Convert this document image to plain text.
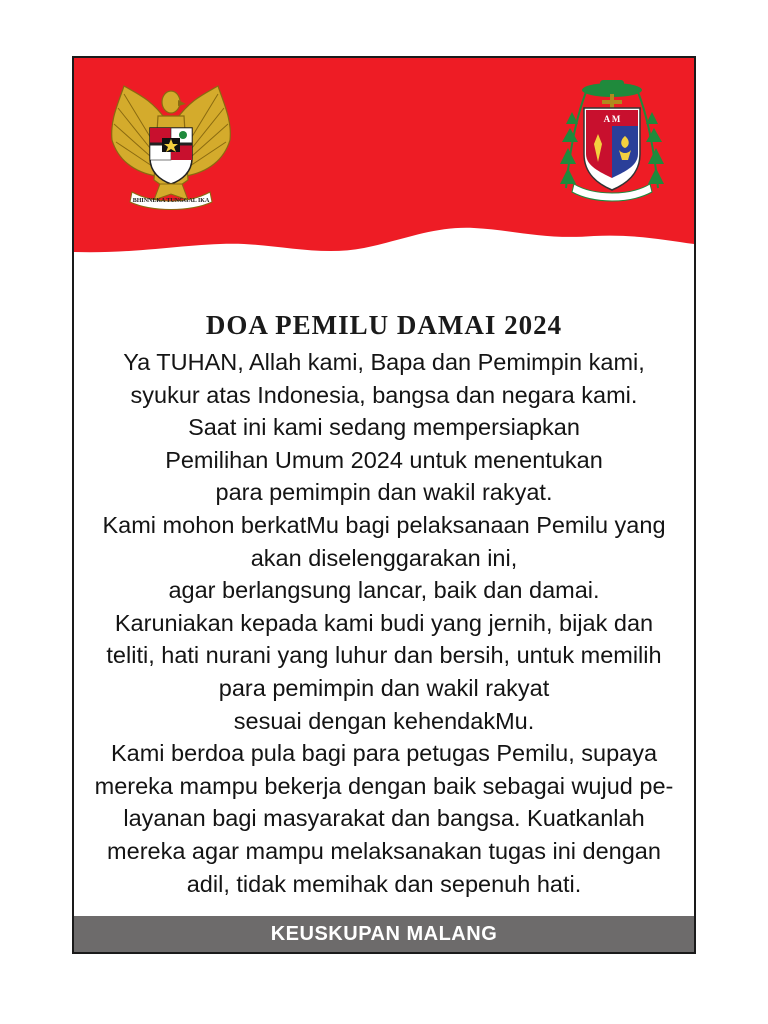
BHINNEKA TUNGGAL IKA
A M
DOA PEMILU DAMAI 2024
Ya TUHAN, Allah kami, Bapa dan Pemimpin kami,
syukur atas Indonesia, bangsa dan negara kami.
Saat ini kami sedang mempersiapkan
Pemilihan Umum 2024 untuk menentukan
para pemimpin dan wakil rakyat.
Kami mohon berkatMu bagi pelaksanaan Pemilu yang
akan diselenggarakan ini,
agar berlangsung lancar, baik dan damai.
Karuniakan kepada kami budi yang jernih, bijak dan
teliti, hati nurani yang luhur dan bersih, untuk memilih
para pemimpin dan wakil rakyat
sesuai dengan kehendakMu.
Kami berdoa pula bagi para petugas Pemilu, supaya
mereka mampu bekerja dengan baik sebagai wujud pe-
layanan bagi masyarakat dan bangsa. Kuatkanlah
mereka agar mampu melaksanakan tugas ini dengan
adil, tidak memihak dan sepenuh hati.
KEUSKUPAN MALANG
